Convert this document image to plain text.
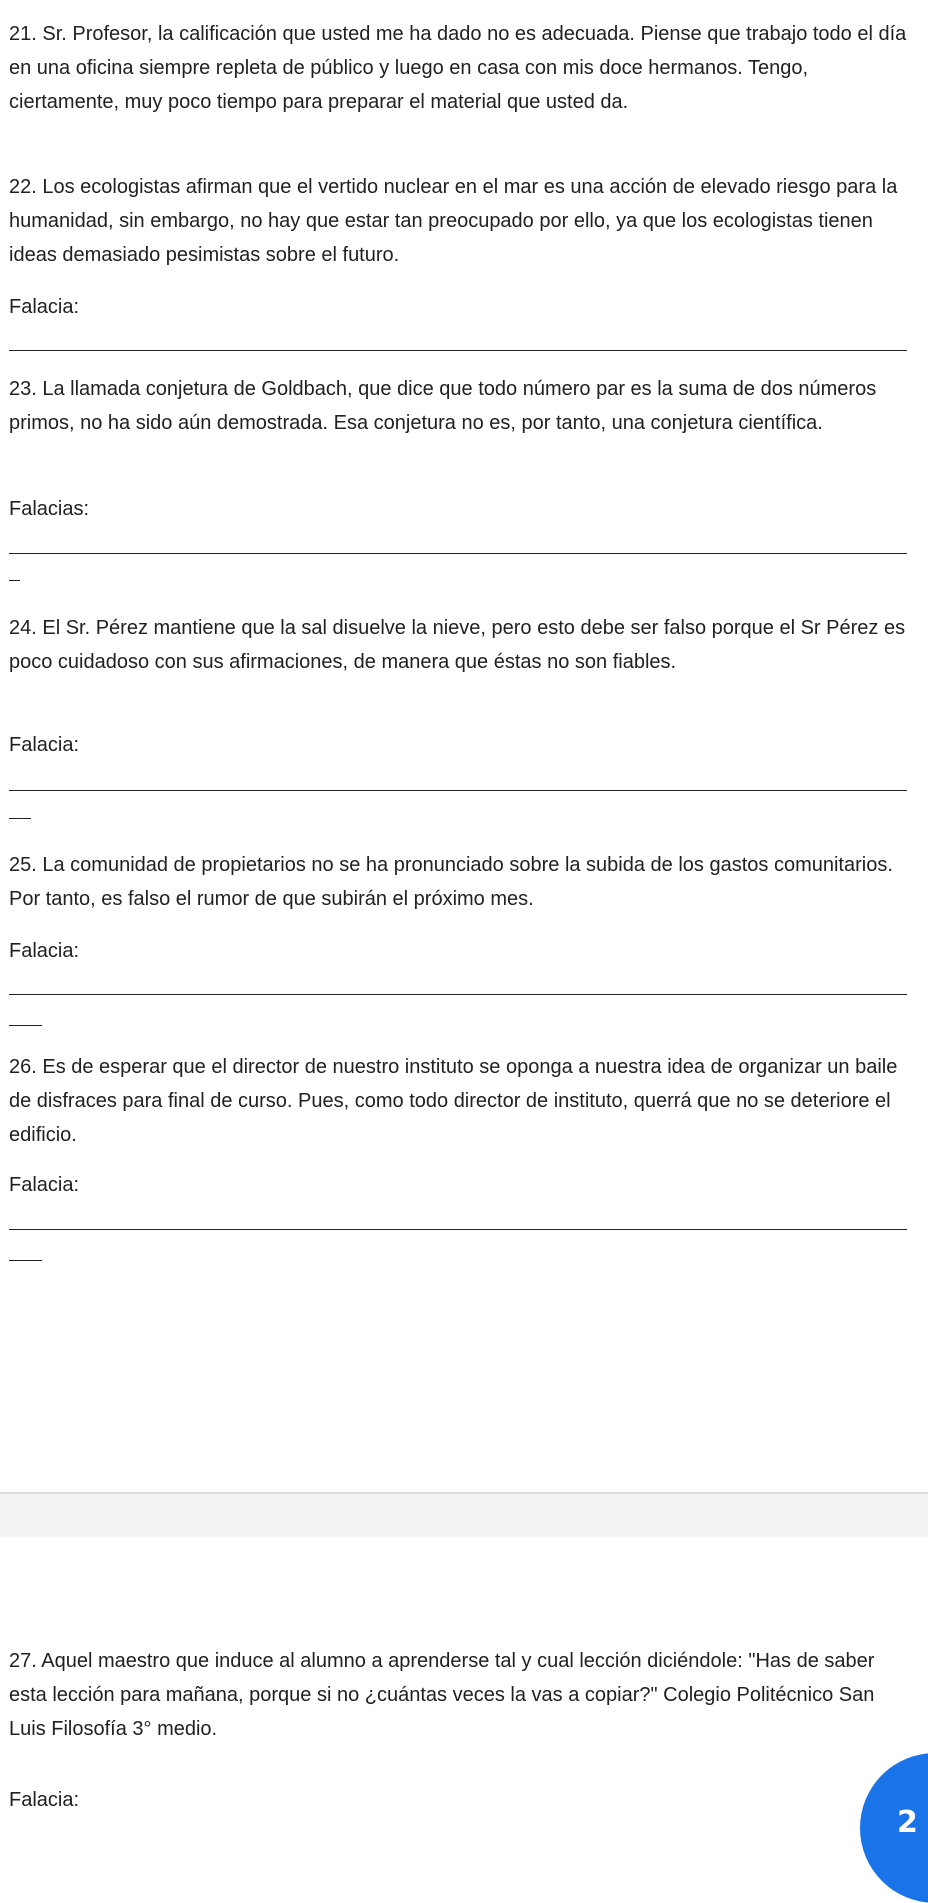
21. Sr. Profesor, la calificación que usted me ha dado no es adecuada. Piense que trabajo todo el día en una oficina siempre repleta de público y luego en casa con mis doce hermanos. Tengo, ciertamente, muy poco tiempo para preparar el material que usted da.

22. Los ecologistas afirman que el vertido nuclear en el mar es una acción de elevado riesgo para la humanidad, sin embargo, no hay que estar tan preocupado por ello, ya que los ecologistas tienen ideas demasiado pesimistas sobre el futuro.

Falacia:

23. La llamada conjetura de Goldbach, que dice que todo número par es la suma de dos números primos, no ha sido aún demostrada. Esa conjetura no es, por tanto, una conjetura científica.

Falacias:

24. El Sr. Pérez mantiene que la sal disuelve la nieve, pero esto debe ser falso porque el Sr Pérez es poco cuidadoso con sus afirmaciones, de manera que éstas no son fiables.

Falacia:

25. La comunidad de propietarios no se ha pronunciado sobre la subida de los gastos comunitarios. Por tanto, es falso el rumor de que subirán el próximo mes.

Falacia:

26. Es de esperar que el director de nuestro instituto se oponga a nuestra idea de organizar un baile de disfraces para final de curso. Pues, como todo director de instituto, querrá que no se deteriore el edificio.

Falacia:

27. Aquel maestro que induce al alumno a aprenderse tal y cual lección diciéndole: "Has de saber esta lección para mañana, porque si no ¿cuántas veces la vas a copiar?" Colegio Politécnico San Luis Filosofía 3° medio.

Falacia:

2
